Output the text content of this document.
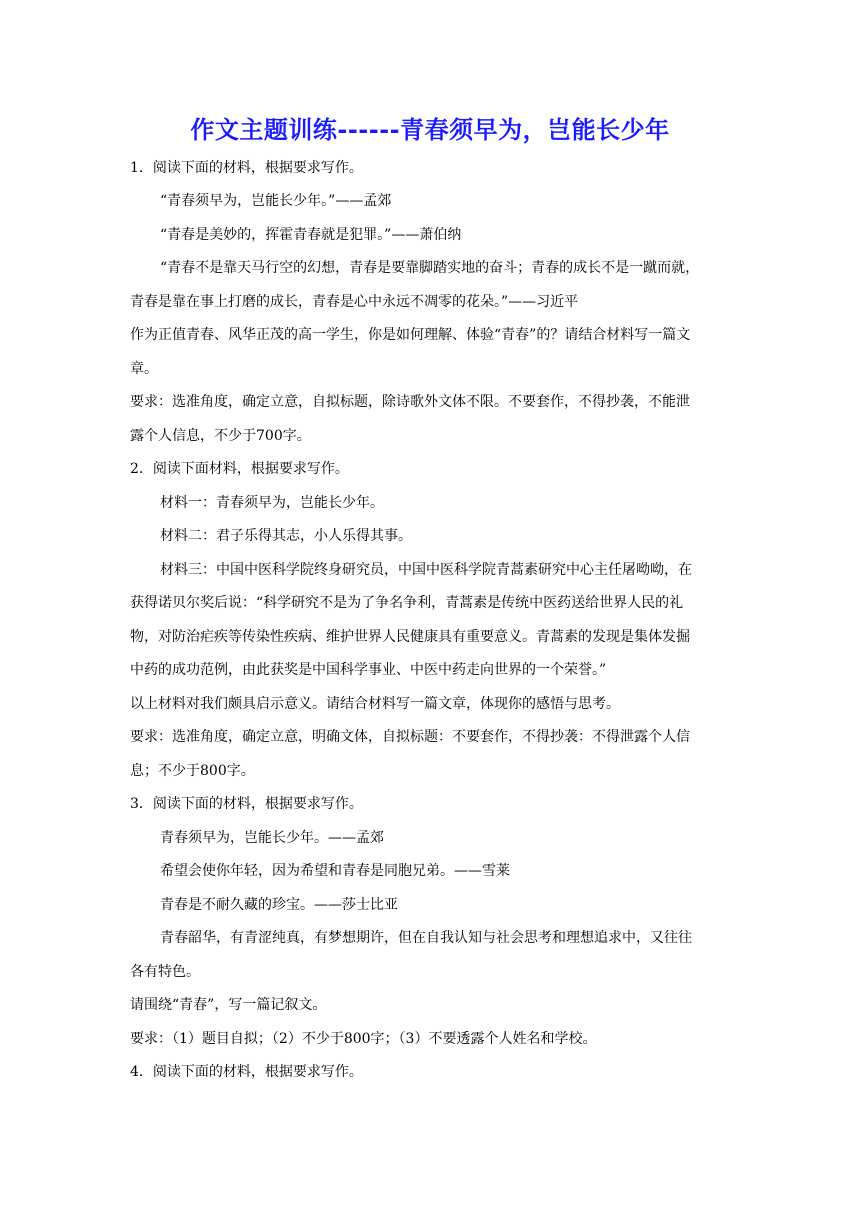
作文主题训练------青春须早为，岂能长少年
1．阅读下面的材料，根据要求写作。
“青春须早为，岂能长少年。”——孟郊
“青春是美妙的，挥霍青春就是犯罪。”——萧伯纳
“青春不是靠天马行空的幻想，青春是要靠脚踏实地的奋斗；青春的成长不是一蹴而就，
青春是靠在事上打磨的成长，青春是心中永远不凋零的花朵。”——习近平
作为正值青春、风华正茂的高一学生，你是如何理解、体验“青春”的？请结合材料写一篇文
章。
要求：选准角度，确定立意，自拟标题，除诗歌外文体不限。不要套作，不得抄袭，不能泄
露个人信息，不少于700字。
2．阅读下面材料，根据要求写作。
材料一：青春须早为，岂能长少年。
材料二：君子乐得其志，小人乐得其事。
材料三：中国中医科学院终身研究员，中国中医科学院青蒿素研究中心主任屠呦呦，在
获得诺贝尔奖后说：“科学研究不是为了争名争利，青蒿素是传统中医药送给世界人民的礼
物，对防治疟疾等传染性疾病、维护世界人民健康具有重要意义。青蒿素的发现是集体发掘
中药的成功范例，由此获奖是中国科学事业、中医中药走向世界的一个荣誉。”
以上材料对我们颇具启示意义。请结合材料写一篇文章，体现你的感悟与思考。
要求：选准角度，确定立意，明确文体，自拟标题：不要套作，不得抄袭：不得泄露个人信
息；不少于800字。
3．阅读下面的材料，根据要求写作。
青春须早为，岂能长少年。——孟郊
希望会使你年轻，因为希望和青春是同胞兄弟。——雪莱
青春是不耐久藏的珍宝。——莎士比亚
青春韶华，有青涩纯真，有梦想期许，但在自我认知与社会思考和理想追求中，又往往
各有特色。
请围绕“青春”，写一篇记叙文。
要求：（1）题目自拟；（2）不少于800字；（3）不要透露个人姓名和学校。
4．阅读下面的材料，根据要求写作。
